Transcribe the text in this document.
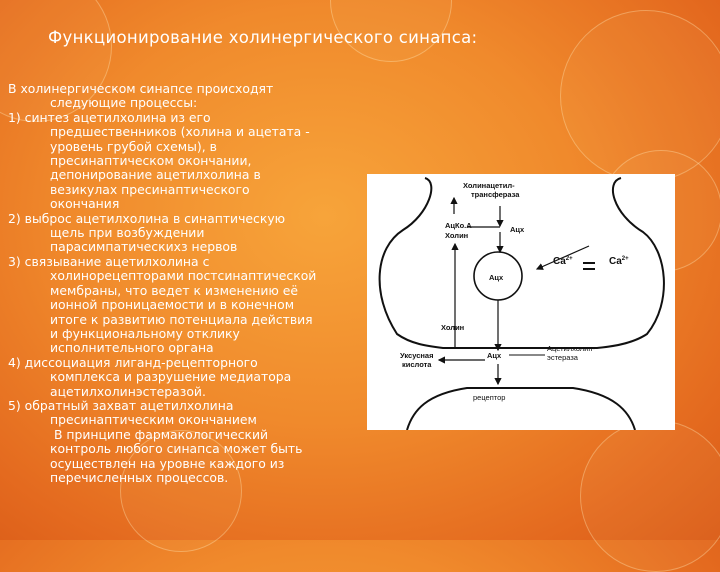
Функционирование холинергического синапса:

В холинергическом синапсе происходят
следующие процессы:

1) синтез ацетилхолина из его
предшественников (холина и ацетата -
уровень грубой схемы), в
пресинаптическом окончании,
депонирование ацетилхолина в
везикулах пресинаптического
окончания

2) выброс ацетилхолина в синаптическую
щель при возбуждении
парасимпатическихз нервов

3) связывание ацетилхолина с
холинорецепторами постсинаптической
мембраны, что ведет к изменению её
ионной проницаемости и в конечном
итоге к развитию потенциала действия
и функциональному отклику
исполнительного органа

4) диссоциация лиганд-рецепторного
комплекса и разрушение медиатора
ацетилхолинэстеразой.

5) обратный захват ацетилхолина
пресинаптическим окончанием

В принципе фармакологический
контроль любого синапса может быть
осуществлен на уровне каждого из
перечисленных процессов.

Холинацетил-
трансфераза
АцКо.А
Холин
Ацх
Ацх
$Ca^{2+}$	$Ca^{2+}$
Холин
Уксусная
кислота
Ацх
Ацетилхолин-
эстераза
рецептор
